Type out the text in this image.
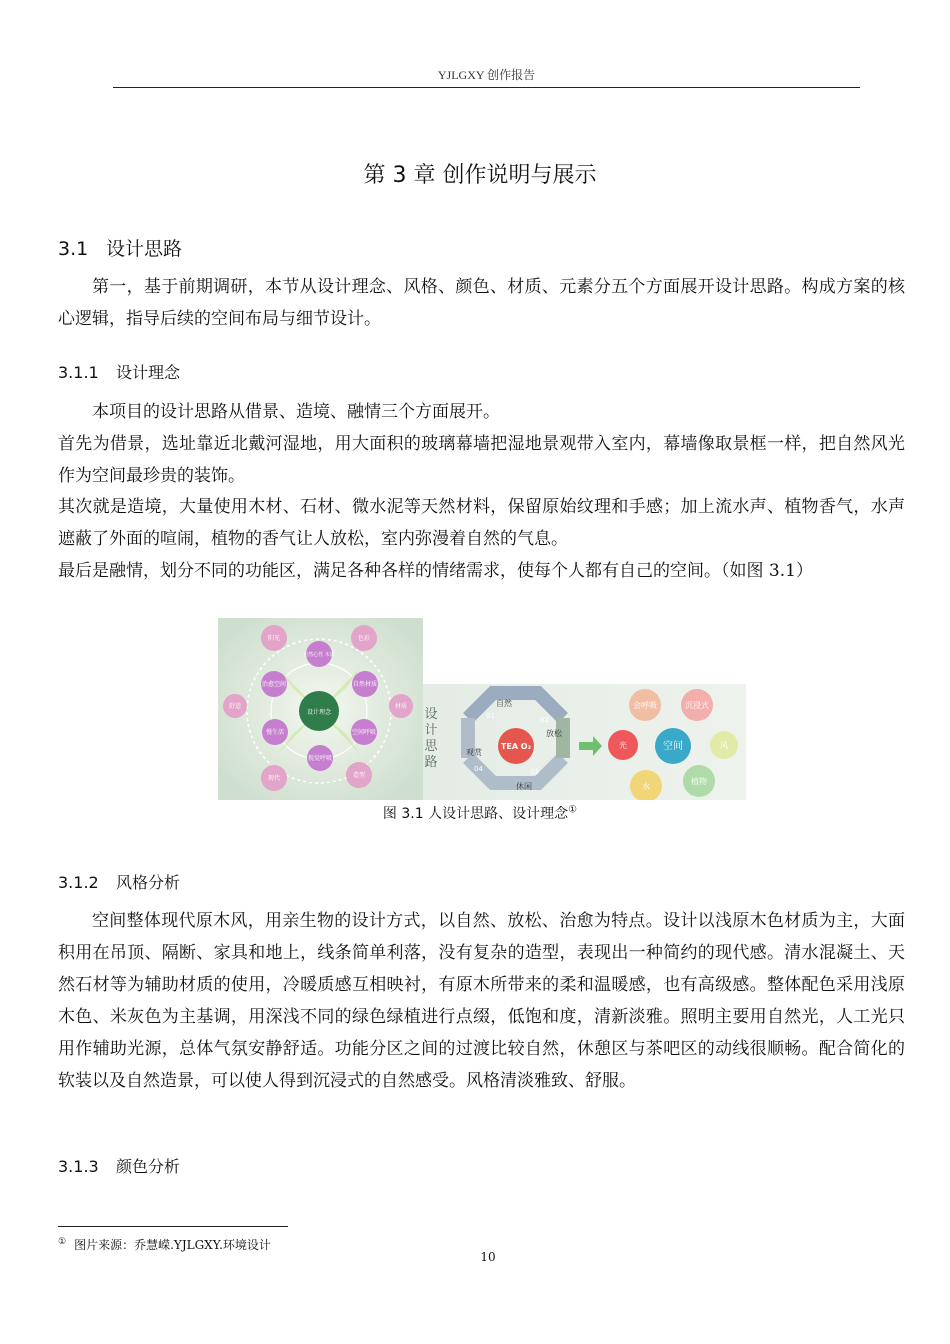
YJLGXY 创作报告
第 3 章 创作说明与展示
3.1 设计思路

第一，基于前期调研，本节从设计理念、风格、颜色、材质、元素分五个方面展开设计思路。构成方案的核心逻辑，指导后续的空间布局与细节设计。

3.1.1 设计理念

本项目的设计思路从借景、造境、融情三个方面展开。

首先为借景，选址靠近北戴河湿地，用大面积的玻璃幕墙把湿地景观带入室内，幕墙像取景框一样，把自然风光作为空间最珍贵的装饰。

其次就是造境，大量使用木材、石材、微水泥等天然材料，保留原始纹理和手感；加上流水声、植物香气，水声遮蔽了外面的喧闹，植物的香气让人放松，室内弥漫着自然的气息。

最后是融情，划分不同的功能区，满足各种各样的情绪需求，使每个人都有自己的空间。（如图 3.1）

设计理念
阳光	色彩
自然材质
材质
空间呼吸
造型
视觉呼吸
现代
慢生活
舒适
治愈空间
自然心性 木质
设
计
思
路
TEA O₂
自然
放松
休闲
观赏
01	02
03
04
会呼吸	沉浸式
风
植物
水
光	空间
图 3.1 人设计思路、设计理念①
3.1.2 风格分析

空间整体现代原木风，用亲生物的设计方式，以自然、放松、治愈为特点。设计以浅原木色材质为主，大面积用在吊顶、隔断、家具和地上，线条简单利落，没有复杂的造型，表现出一种简约的现代感。清水混凝土、天然石材等为辅助材质的使用，冷暖质感互相映衬，有原木所带来的柔和温暖感，也有高级感。整体配色采用浅原木色、米灰色为主基调，用深浅不同的绿色绿植进行点缀，低饱和度，清新淡雅。照明主要用自然光，人工光只用作辅助光源，总体气氛安静舒适。功能分区之间的过渡比较自然，休憩区与茶吧区的动线很顺畅。配合简化的软装以及自然造景，可以使人得到沉浸式的自然感受。风格清淡雅致、舒服。

3.1.3 颜色分析
① 图片来源：乔慧嵘.YJLGXY.环境设计
10
